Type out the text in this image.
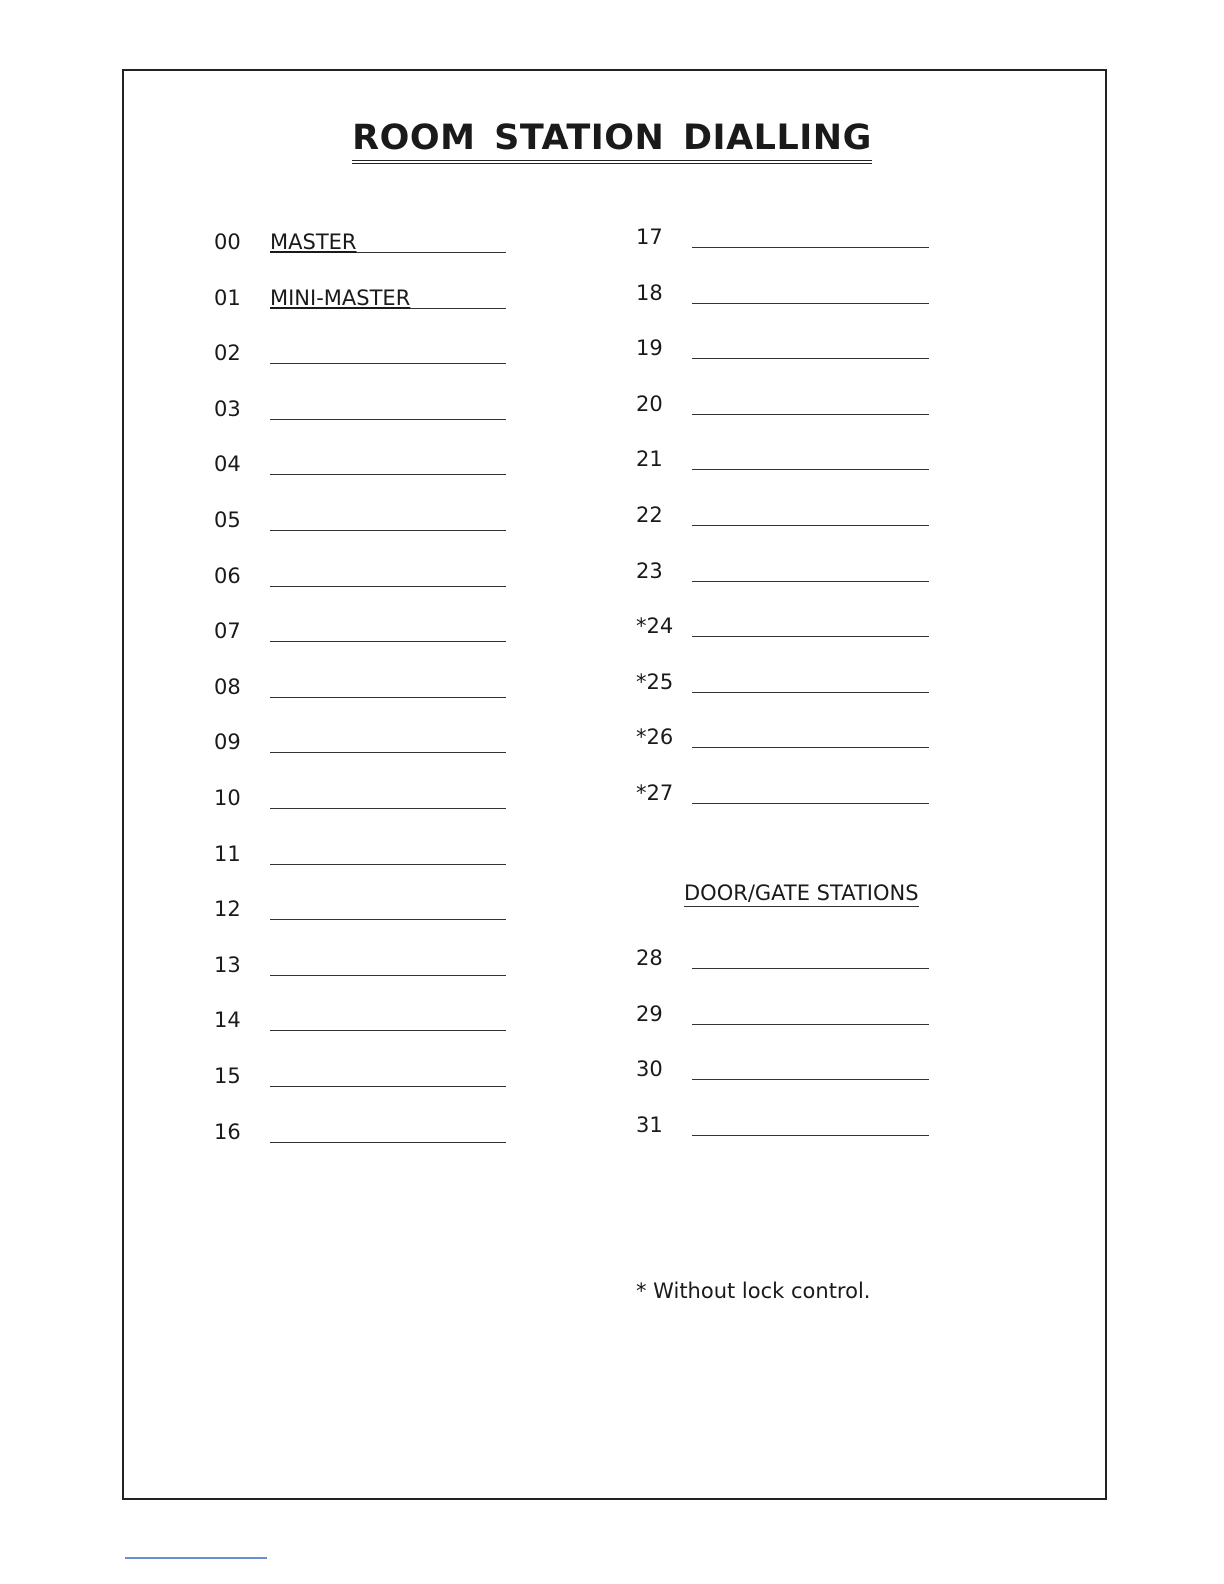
ROOM STATION DIALLING
00 MASTER
01 MINI-MASTER
02
03
04
05
06
07
08
09
10
11
12
13
14
15
16
17
18
19
20
21
22
23
*24
*25
*26
*27
DOOR/GATE STATIONS
28
29
30
31
* Without lock control.
